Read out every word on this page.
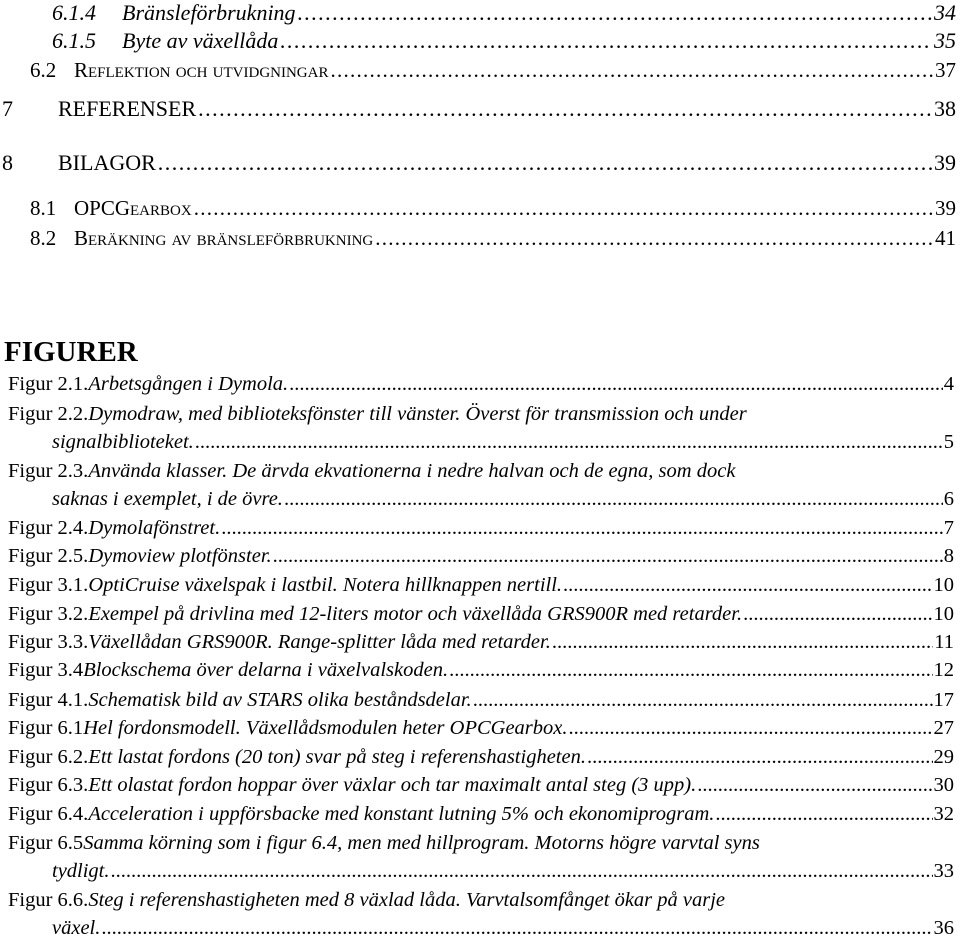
6.1.4	Bränsleförbrukning . . .	34
6.1.5	Byte av växellåda . . .	35
6.2 Reflektion och utvidgningar . . .	37
7	REFERENSER . . .	38
8	BILAGOR . . .	39
8.1 OPCGearbox . . .	39
8.2 Beräkning av bränsleförbrukning . . .	41
FIGURER
Figur 2.1. Arbetsgången i Dymola. .....	4
Figur 2.2. Dymodraw, med biblioteksfönster till vänster. Överst för transmission och under
signalbiblioteket. .....	5
Figur 2.3. Använda klasser. De ärvda ekvationerna i nedre halvan och de egna, som dock
saknas i exemplet, i de övre. .....	6
Figur 2.4. Dymolafönstret. .....	7
Figur 2.5. Dymoview plotfönster. .....	8
Figur 3.1. OptiCruise växelspak i lastbil. Notera hillknappen nertill. .....	10
Figur 3.2. Exempel på drivlina med 12-liters motor och växellåda GRS900R med retarder. .....	10
Figur 3.3. Växellådan GRS900R. Range-splitter låda med retarder. .....	11
Figur 3.4 Blockschema över delarna i växelvalskoden. .....	12
Figur 4.1. Schematisk bild av STARS olika beståndsdelar. .....	17
Figur 6.1 Hel fordonsmodell. Växellådsmodulen heter OPCGearbox. .....	27
Figur 6.2. Ett lastat fordons (20 ton) svar på steg i referenshastigheten. .....	29
Figur 6.3. Ett olastat fordon hoppar över växlar och tar maximalt antal steg (3 upp). .....	30
Figur 6.4. Acceleration i uppförsbacke med konstant lutning 5% och ekonomiprogram. .....	32
Figur 6.5 Samma körning som i figur 6.4, men med hillprogram. Motorns högre varvtal syns
tydligt. .....	33
Figur 6.6. Steg i referenshastigheten med 8 växlad låda. Varvtalsomfånget ökar på varje
växel. .....	36
